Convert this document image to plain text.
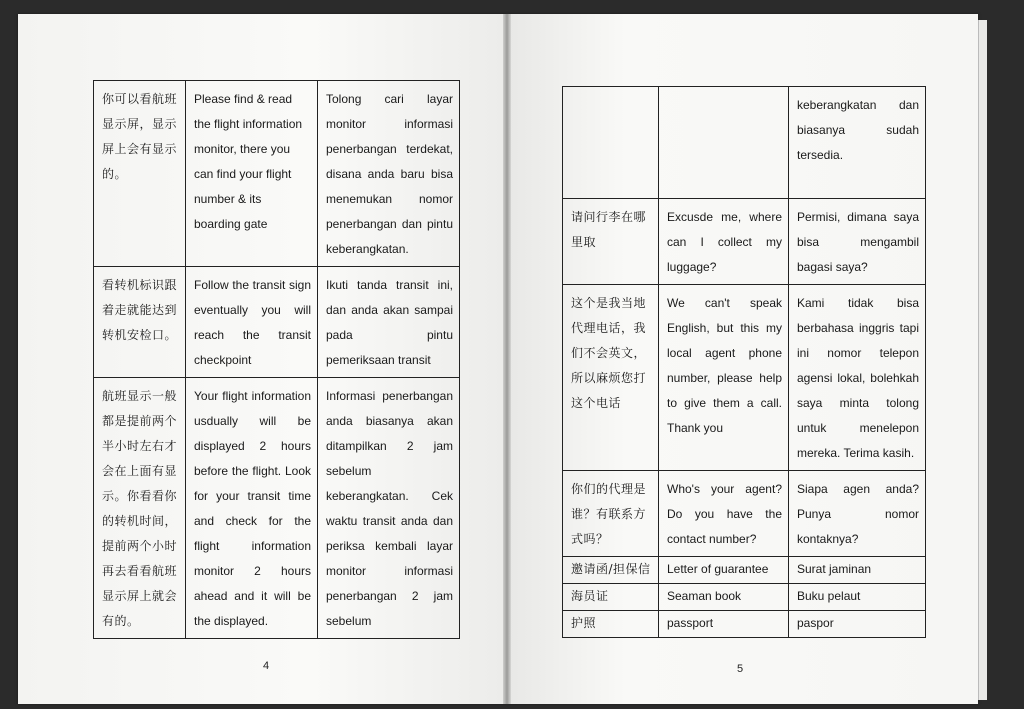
你可以看航班显示屏，显示屏上会有显示的。	Please find & read the flight information monitor, there you can find your flight number & its boarding gate	Tolong cari layar monitor informasi penerbangan terdekat, disana anda baru bisa menemukan nomor penerbangan dan pintu keberangkatan.
看转机标识跟着走就能达到转机安检口。	Follow the transit sign eventually you will reach the transit checkpoint	Ikuti tanda transit ini, dan anda akan sampai pada pintu pemeriksaan transit
航班显示一般都是提前两个半小时左右才会在上面有显示。你看看你的转机时间，提前两个小时再去看看航班显示屏上就会有的。	Your flight information usdually will be displayed 2 hours before the flight. Look for your transit time and check for the flight information monitor 2 hours ahead and it will be the displayed.	Informasi penerbangan anda biasanya akan ditampilkan 2 jam sebelum keberangkatan. Cek waktu transit anda dan periksa kembali layar monitor informasi penerbangan 2 jam sebelum
		keberangkatan dan biasanya sudah tersedia.
请问行李在哪里取	Excusde me, where can I collect my luggage?	Permisi, dimana saya bisa mengambil bagasi saya?
这个是我当地代理电话，我们不会英文，所以麻烦您打这个电话	We can't speak English, but this my local agent phone number, please help to give them a call. Thank you	Kami tidak bisa berbahasa inggris tapi ini nomor telepon agensi lokal, bolehkah saya minta tolong untuk menelepon mereka. Terima kasih.
你们的代理是谁？有联系方式吗？	Who's your agent? Do you have the contact number?	Siapa agen anda? Punya nomor kontaknya?
邀请函/担保信	Letter of guarantee	Surat jaminan
海员证	Seaman book	Buku pelaut
护照	passport	paspor
4	5
